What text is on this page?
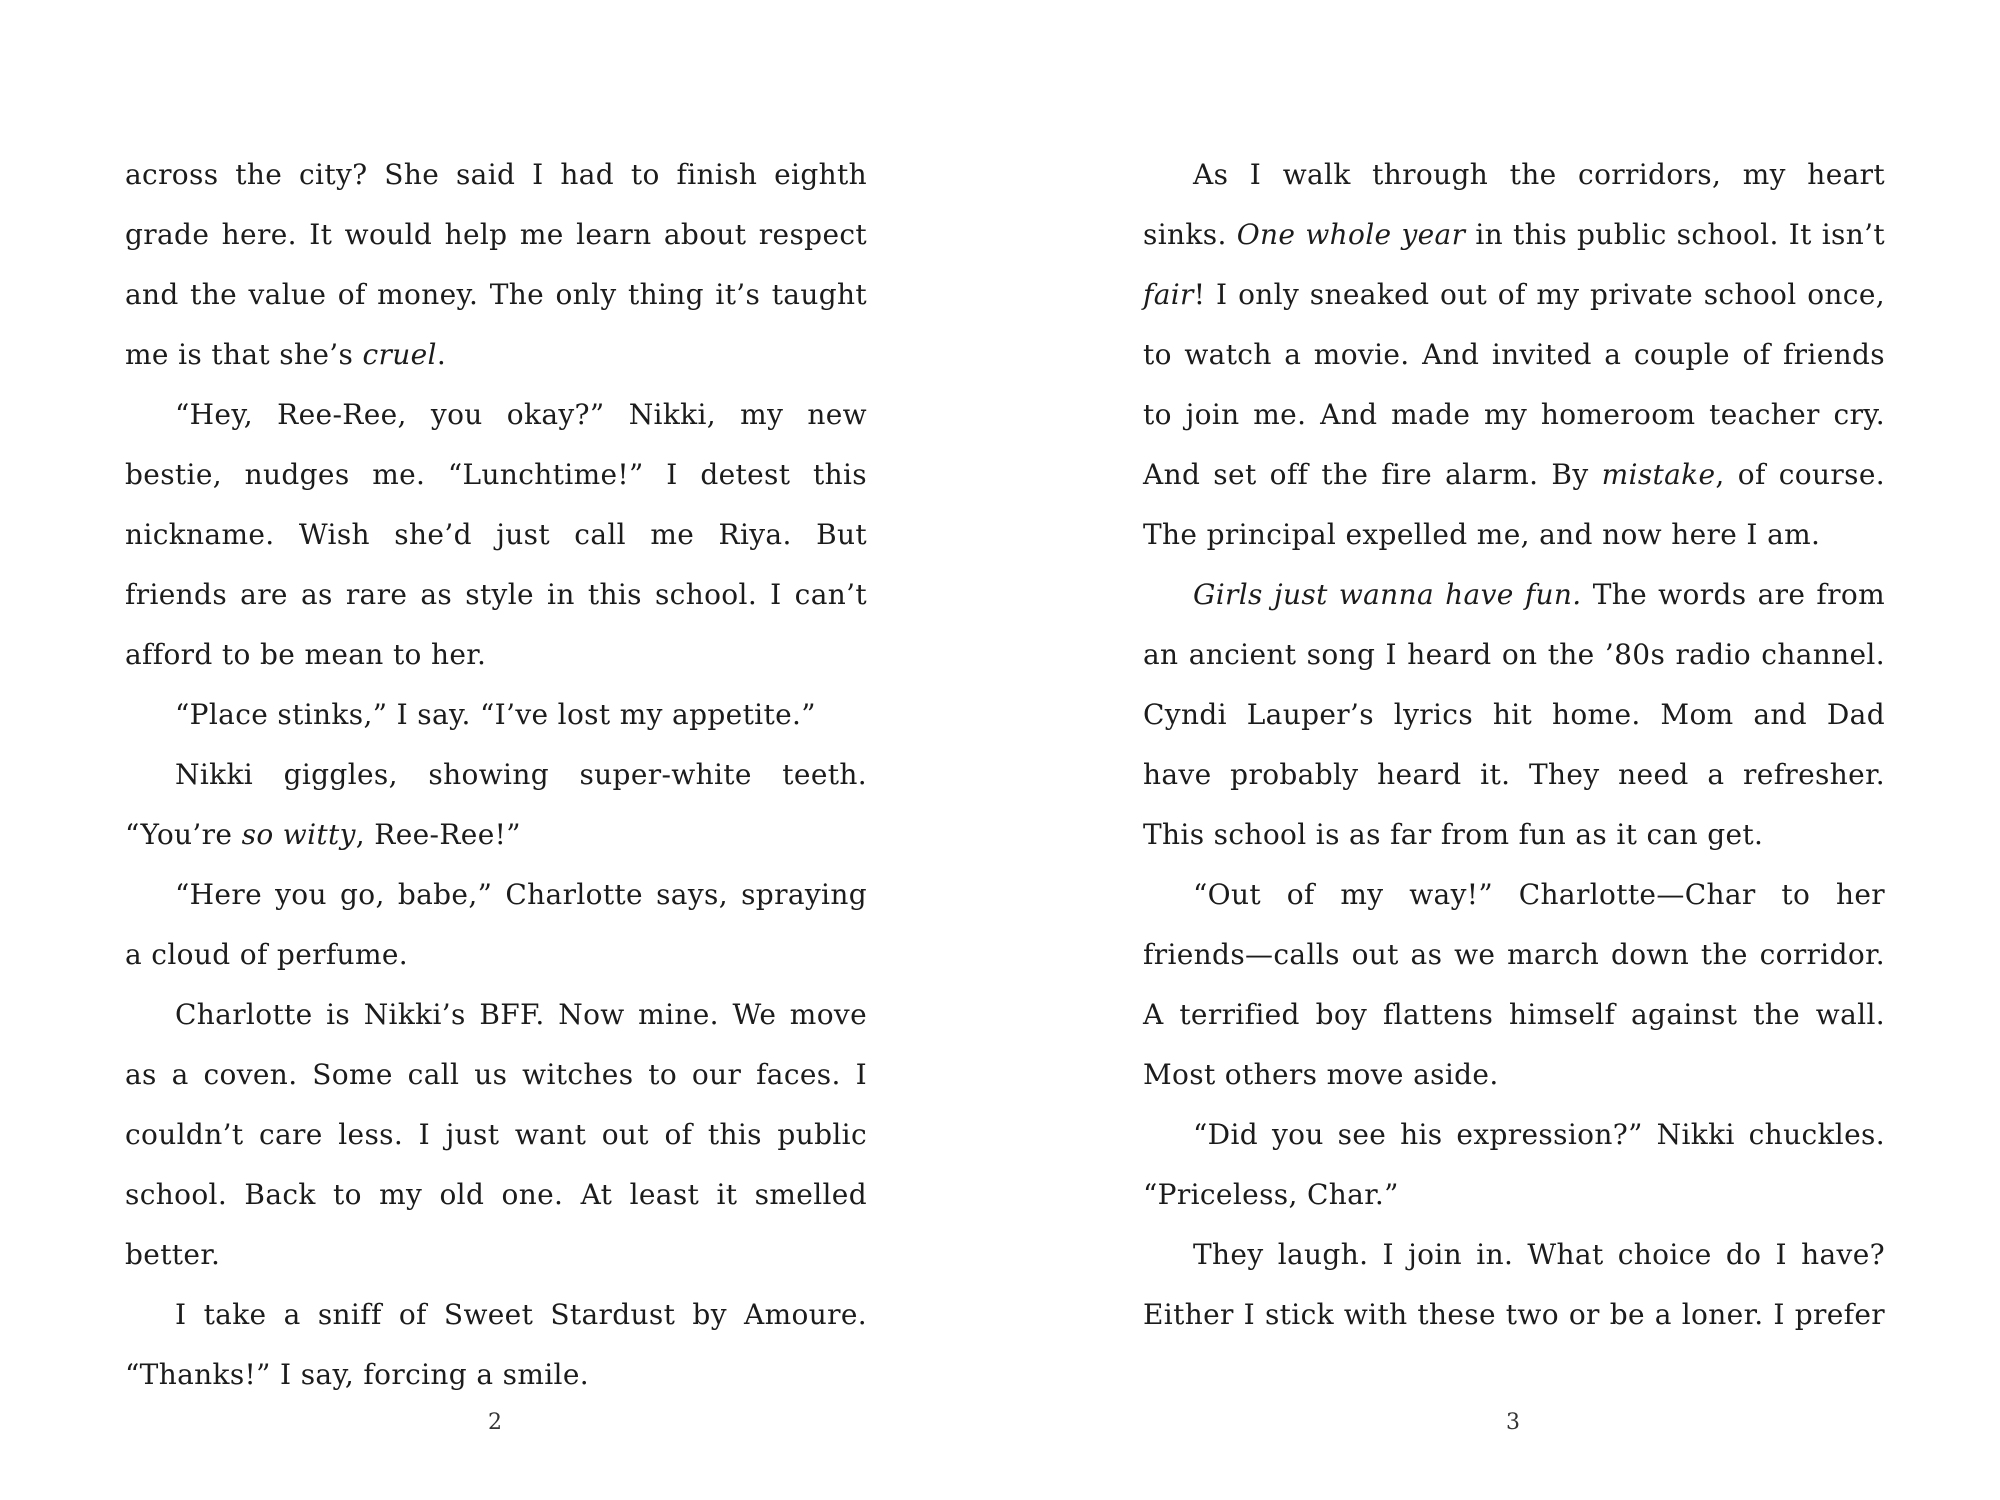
across the city? She said I had to finish eighth grade here. It would help me learn about respect and the value of money. The only thing it’s taught me is that she’s cruel.

“Hey, Ree-Ree, you okay?” Nikki, my new bestie, nudges me. “Lunchtime!” I detest this nickname. Wish she’d just call me Riya. But friends are as rare as style in this school. I can’t afford to be mean to her.

“Place stinks,” I say. “I’ve lost my appetite.”

Nikki giggles, showing super-white teeth. “You’re so witty, Ree-Ree!”

“Here you go, babe,” Charlotte says, spraying a cloud of perfume.

Charlotte is Nikki’s BFF. Now mine. We move as a coven. Some call us witches to our faces. I couldn’t care less. I just want out of this public school. Back to my old one. At least it smelled better.

I take a sniff of Sweet Stardust by Amoure. “Thanks!” I say, forcing a smile.

2

As I walk through the corridors, my heart sinks. One whole year in this public school. It isn’t fair! I only sneaked out of my private school once, to watch a movie. And invited a couple of friends to join me. And made my homeroom teacher cry. And set off the fire alarm. By mistake, of course. The principal expelled me, and now here I am.

Girls just wanna have fun. The words are from an ancient song I heard on the ’80s radio channel. Cyndi Lauper’s lyrics hit home. Mom and Dad have probably heard it. They need a refresher. This school is as far from fun as it can get.

“Out of my way!” Charlotte—Char to her friends—calls out as we march down the corridor. A terrified boy flattens himself against the wall. Most others move aside.

“Did you see his expression?” Nikki chuckles. “Priceless, Char.”

They laugh. I join in. What choice do I have? Either I stick with these two or be a loner. I prefer

3
